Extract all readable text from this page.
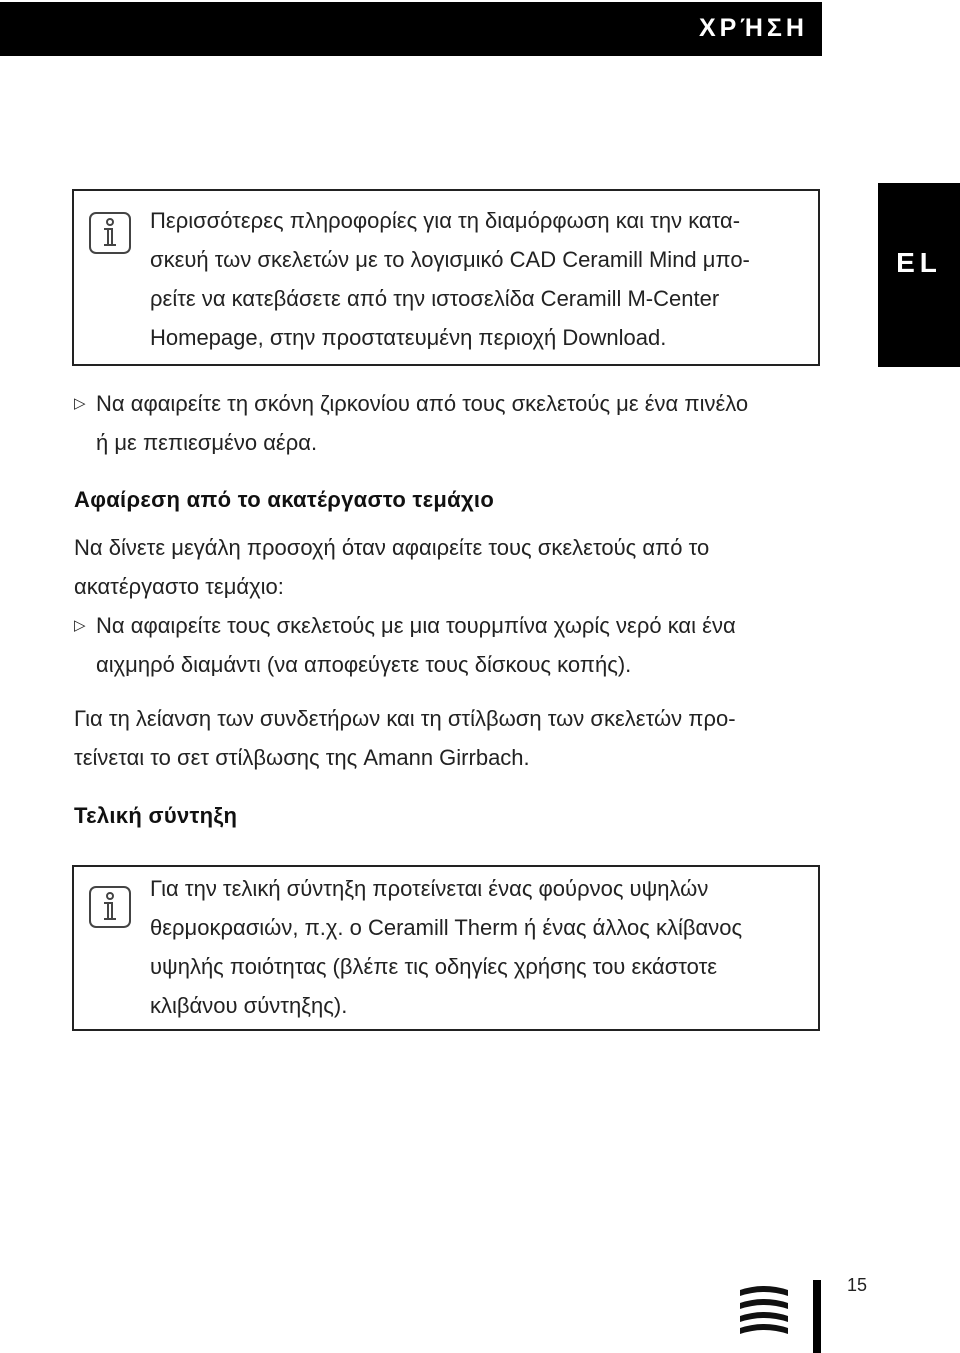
ΧΡΉΣΗ
EL
Περισσότερες πληροφορίες για τη διαμόρφωση και την κατα-
σκευή των σκελετών με το λογισμικό CAD Ceramill Mind μπο-
ρείτε να κατεβάσετε από την ιστοσελίδα Ceramill M-Center
Homepage, στην προστατευμένη περιοχή Download.
▷ Να αφαιρείτε τη σκόνη ζιρκονίου από τους σκελετούς με ένα πινέλο
ή με πεπιεσμένο αέρα.
Αφαίρεση από το ακατέργαστο τεμάχιο
Να δίνετε μεγάλη προσοχή όταν αφαιρείτε τους σκελετούς από το
ακατέργαστο τεμάχιο:
▷ Να αφαιρείτε τους σκελετούς με μια τουρμπίνα χωρίς νερό και ένα
αιχμηρό διαμάντι (να αποφεύγετε τους δίσκους κοπής).
Για τη λείανση των συνδετήρων και τη στίλβωση των σκελετών προ-
τείνεται το σετ στίλβωσης της Amann Girrbach.
Τελική σύντηξη
Για την τελική σύντηξη προτείνεται ένας φούρνος υψηλών
θερμοκρασιών, π.χ. ο Ceramill Therm ή ένας άλλος κλίβανος
υψηλής ποιότητας (βλέπε τις οδηγίες χρήσης του εκάστοτε
κλιβάνου σύντηξης).
15
